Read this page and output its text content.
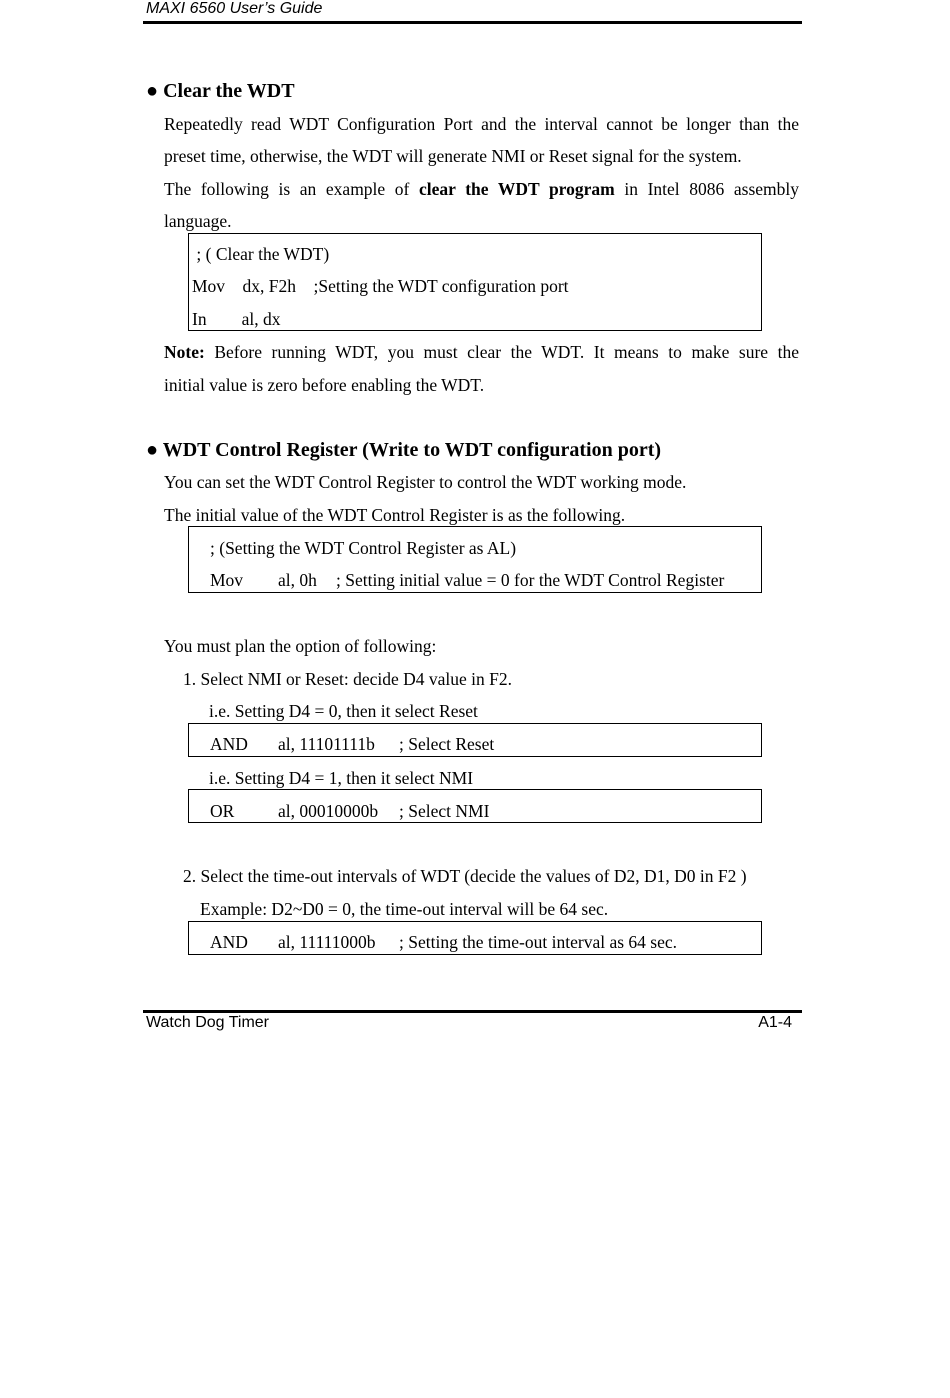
MAXI 6560 User’s Guide
● Clear the WDT
Repeatedly read WDT Configuration Port and the interval cannot be longer than the
preset time, otherwise, the WDT will generate NMI or Reset signal for the system.
The following is an example of clear the WDT program in Intel 8086 assembly
language.
; ( Clear the WDT)
Mov    dx, F2h    ;Setting the WDT configuration port
In        al, dx
Note: Before running WDT, you must clear the WDT. It means to make sure the
initial value is zero before enabling the WDT.
● WDT Control Register (Write to WDT configuration port)
You can set the WDT Control Register to control the WDT working mode.
The initial value of the WDT Control Register is as the following.
; (Setting the WDT Control Register as AL)
Mov al, 0h ; Setting initial value = 0 for the WDT Control Register
You must plan the option of following:
1. Select NMI or Reset: decide D4 value in F2.
i.e. Setting D4 = 0, then it select Reset
AND al, 11101111b ; Select Reset
i.e. Setting D4 = 1, then it select NMI
OR al, 00010000b ; Select NMI
2. Select the time-out intervals of WDT (decide the values of D2, D1, D0 in F2 )
Example: D2~D0 = 0, the time-out interval will be 64 sec.
AND al, 11111000b ; Setting the time-out interval as 64 sec.
Watch Dog Timer	A1-4
